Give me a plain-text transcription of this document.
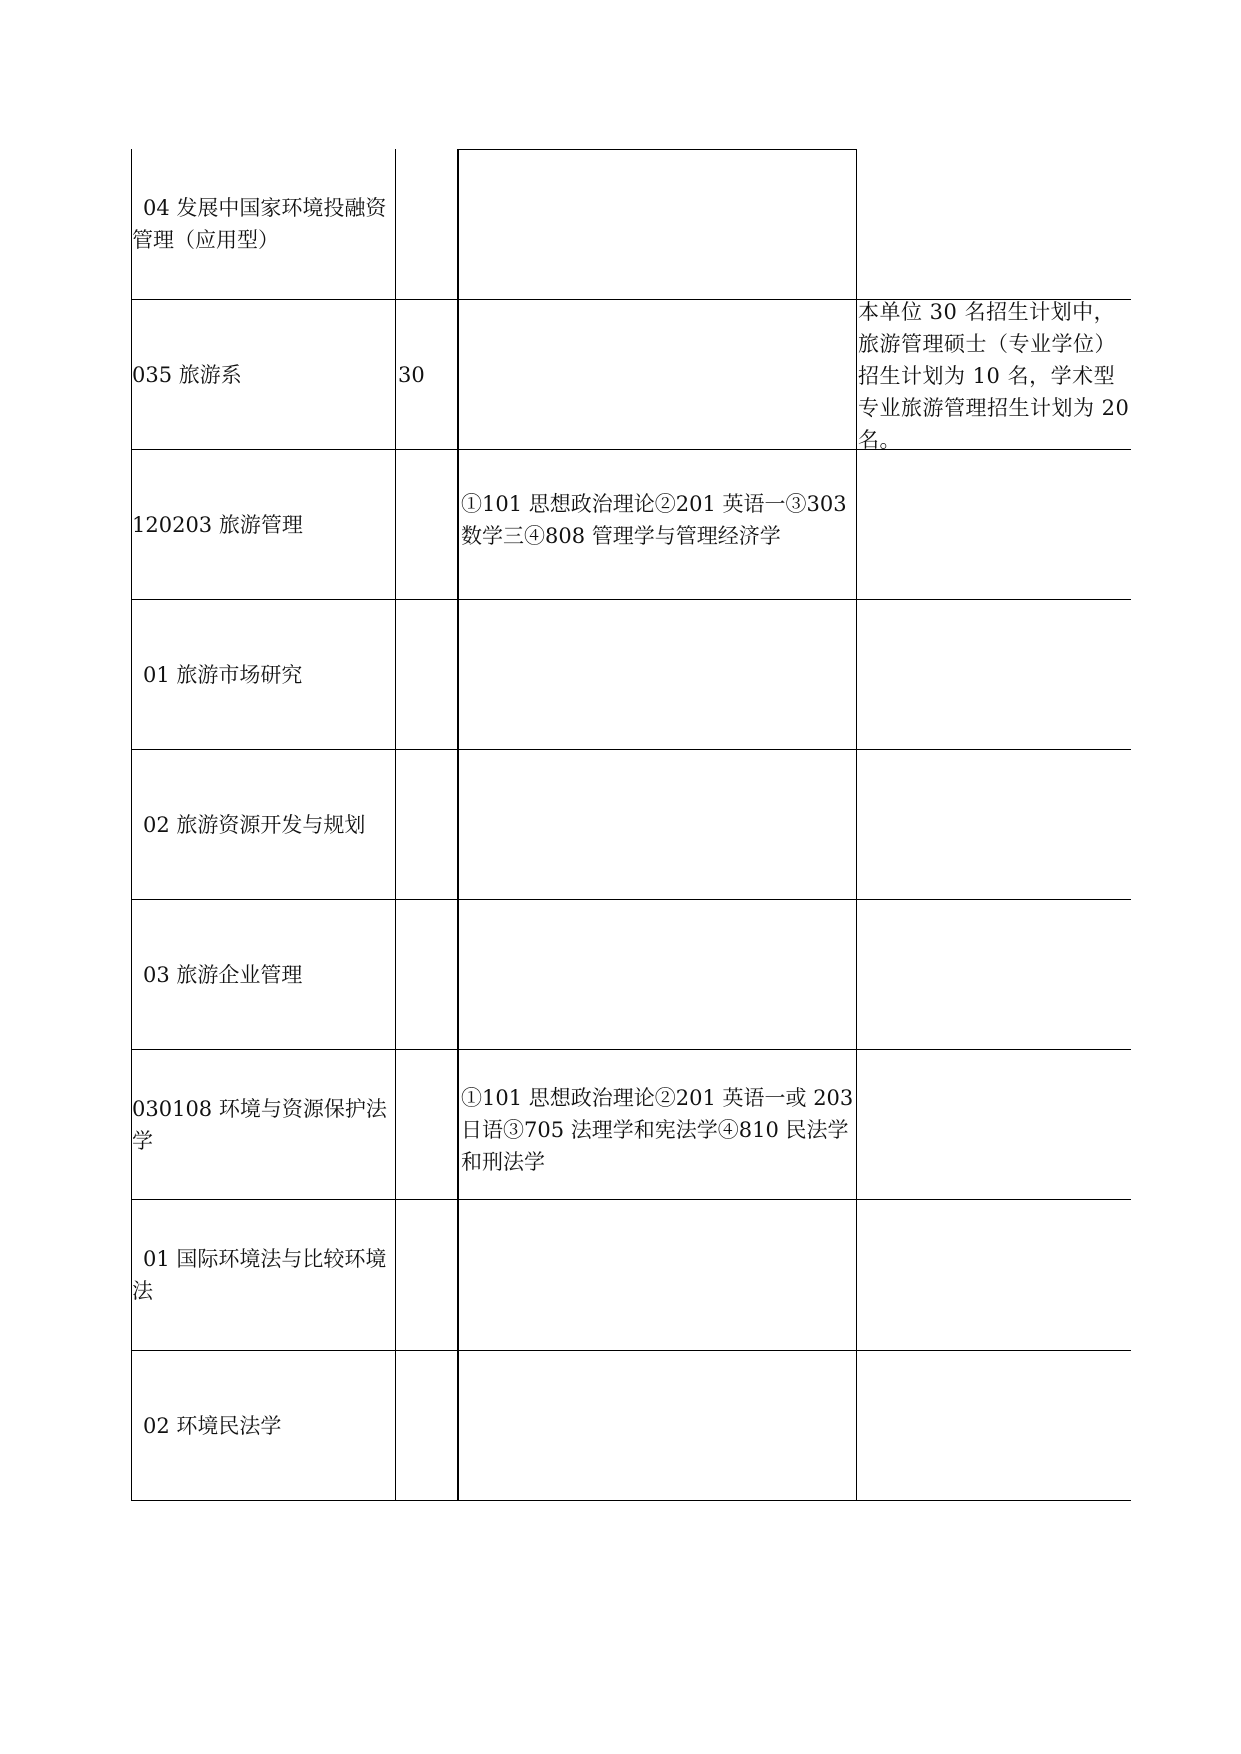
04 发展中国家环境投融资
管理（应用型）
035 旅游系	30
本单位 30 名招生计划中，旅游管理硕士（专业学位）招生计划为 10 名，学术型专业旅游管理招生计划为 20 名。
120203 旅游管理
①101 思想政治理论②201 英语一③303 数学三④808 管理学与管理经济学
01 旅游市场研究
02 旅游资源开发与规划
03 旅游企业管理
030108 环境与资源保护法
学
①101 思想政治理论②201 英语一或 203 日语③705 法理学和宪法学④810 民法学和刑法学
01 国际环境法与比较环境
法
02 环境民法学
